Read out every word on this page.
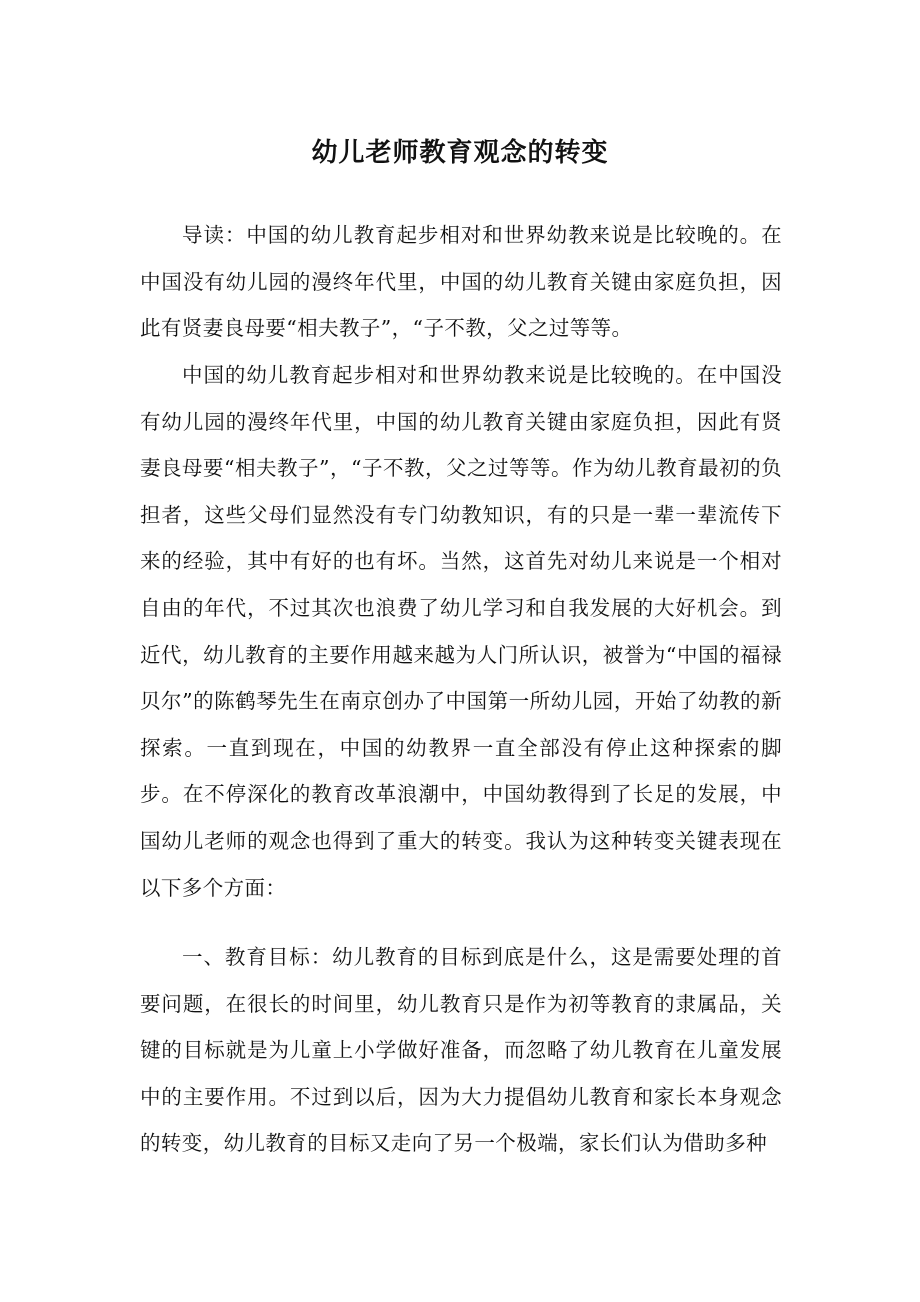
幼儿老师教育观念的转变

导读：中国的幼儿教育起步相对和世界幼教来说是比较晚的。在中国没有幼儿园的漫终年代里，中国的幼儿教育关键由家庭负担，因此有贤妻良母要“相夫教子”，“子不教，父之过等等。

中国的幼儿教育起步相对和世界幼教来说是比较晚的。在中国没有幼儿园的漫终年代里，中国的幼儿教育关键由家庭负担，因此有贤妻良母要“相夫教子”，“子不教，父之过等等。作为幼儿教育最初的负担者，这些父母们显然没有专门幼教知识，有的只是一辈一辈流传下来的经验，其中有好的也有坏。当然，这首先对幼儿来说是一个相对自由的年代，不过其次也浪费了幼儿学习和自我发展的大好机会。到近代，幼儿教育的主要作用越来越为人门所认识，被誉为“中国的福禄贝尔”的陈鹤琴先生在南京创办了中国第一所幼儿园，开始了幼教的新探索。一直到现在，中国的幼教界一直全部没有停止这种探索的脚步。在不停深化的教育改革浪潮中，中国幼教得到了长足的发展，中国幼儿老师的观念也得到了重大的转变。我认为这种转变关键表现在以下多个方面：

一、教育目标：幼儿教育的目标到底是什么，这是需要处理的首要问题，在很长的时间里，幼儿教育只是作为初等教育的隶属品，关键的目标就是为儿童上小学做好准备，而忽略了幼儿教育在儿童发展中的主要作用。不过到以后，因为大力提倡幼儿教育和家长本身观念的转变，幼儿教育的目标又走向了另一个极端，家长们认为借助多种
